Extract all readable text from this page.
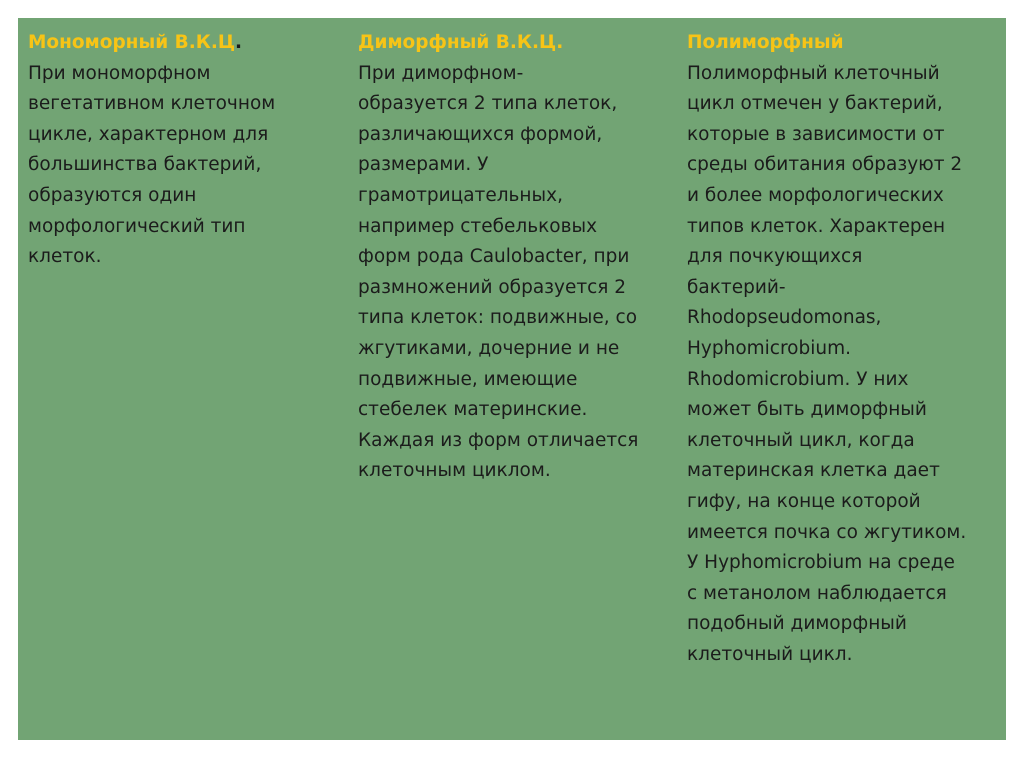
Мономорный В.К.Ц.
При мономорфном
вегетативном клеточном
цикле, характерном для
большинства бактерий,
образуются один
морфологический тип
клеток.
Диморфный В.К.Ц.
При диморфном-
образуется 2 типа клеток,
различающихся формой,
размерами. У
грамотрицательных,
например стебельковых
форм рода Caulobacter, при
размножений образуется 2
типа клеток: подвижные, со
жгутиками, дочерние и не
подвижные, имеющие
стебелек материнские.
Каждая из форм отличается
клеточным циклом.
Полиморфный
Полиморфный клеточный
цикл отмечен у бактерий,
которые в зависимости от
среды обитания образуют 2
и более морфологических
типов клеток. Характерен
для почкующихся
бактерий-
Rhodopseudomonas,
Hyphomicrobium.
Rhodomicrobium. У них
может быть диморфный
клеточный цикл, когда
материнская клетка дает
гифу, на конце которой
имеется почка со жгутиком.
У Hyphomicrobium на среде
с метанолом наблюдается
подобный диморфный
клеточный цикл.
